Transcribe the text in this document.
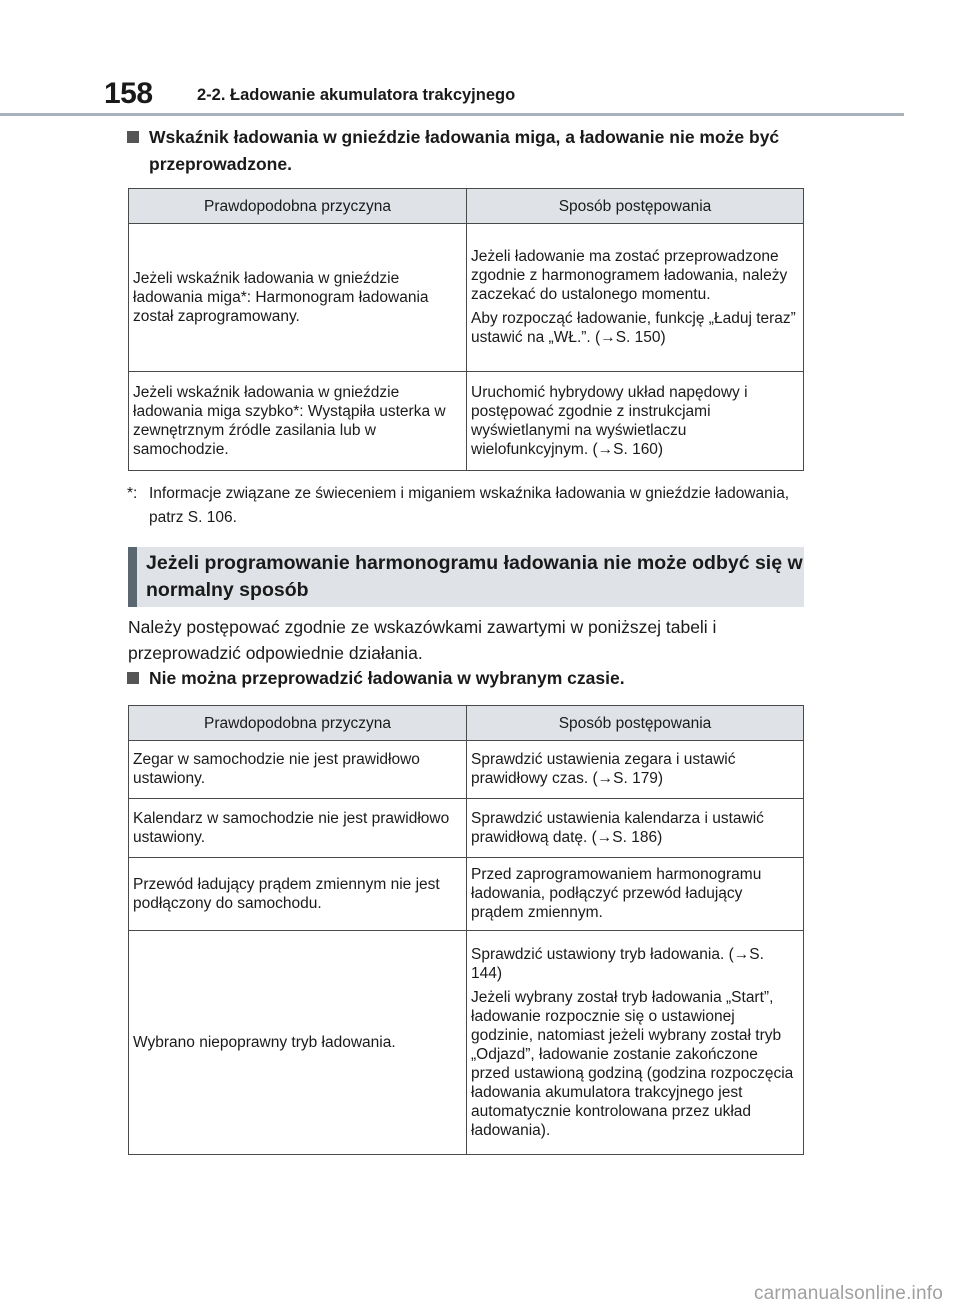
158	2-2. Ładowanie akumulatora trakcyjnego
Wskaźnik ładowania w gnieździe ładowania miga, a ładowanie nie może być przeprowadzone.
Prawdopodobna przyczyna	Sposób postępowania
Jeżeli wskaźnik ładowania w gnieździe ładowania miga*: Harmonogram ładowania został zaprogramowany.	Jeżeli ładowanie ma zostać przeprowadzone zgodnie z harmonogramem ładowania, należy zaczekać do ustalonego momentu.

Aby rozpocząć ładowanie, funkcję „Ładuj teraz” ustawić na „WŁ.”. (→S. 150)

Jeżeli wskaźnik ładowania w gnieździe ładowania miga szybko*: Wystąpiła usterka w zewnętrznym źródle zasilania lub w samochodzie.	Uruchomić hybrydowy układ napędowy i postępować zgodnie z instrukcjami wyświetlanymi na wyświetlaczu wielofunkcyjnym. (→S. 160)

*: Informacje związane ze świeceniem i miganiem wskaźnika ładowania w gnieździe ładowania, patrz S. 106.
Jeżeli programowanie harmonogramu ładowania nie może odbyć się w normalny sposób
Należy postępować zgodnie ze wskazówkami zawartymi w poniższej tabeli i przeprowadzić odpowiednie działania.
Nie można przeprowadzić ładowania w wybranym czasie.
Prawdopodobna przyczyna	Sposób postępowania
Zegar w samochodzie nie jest prawidłowo ustawiony.	Sprawdzić ustawienia zegara i ustawić prawidłowy czas. (→S. 179)

Kalendarz w samochodzie nie jest prawidłowo ustawiony.	Sprawdzić ustawienia kalendarza i ustawić prawidłową datę. (→S. 186)

Przewód ładujący prądem zmiennym nie jest podłączony do samochodu.	Przed zaprogramowaniem harmonogramu ładowania, podłączyć przewód ładujący prądem zmiennym.

Wybrano niepoprawny tryb ładowania.	Sprawdzić ustawiony tryb ładowania. (→S. 144)

Jeżeli wybrany został tryb ładowania „Start”, ładowanie rozpocznie się o ustawionej godzinie, natomiast jeżeli wybrany został tryb „Odjazd”, ładowanie zostanie zakończone przed ustawioną godziną (godzina rozpoczęcia ładowania akumulatora trakcyjnego jest automatycznie kontrolowana przez układ ładowania).

carmanualsonline.info
